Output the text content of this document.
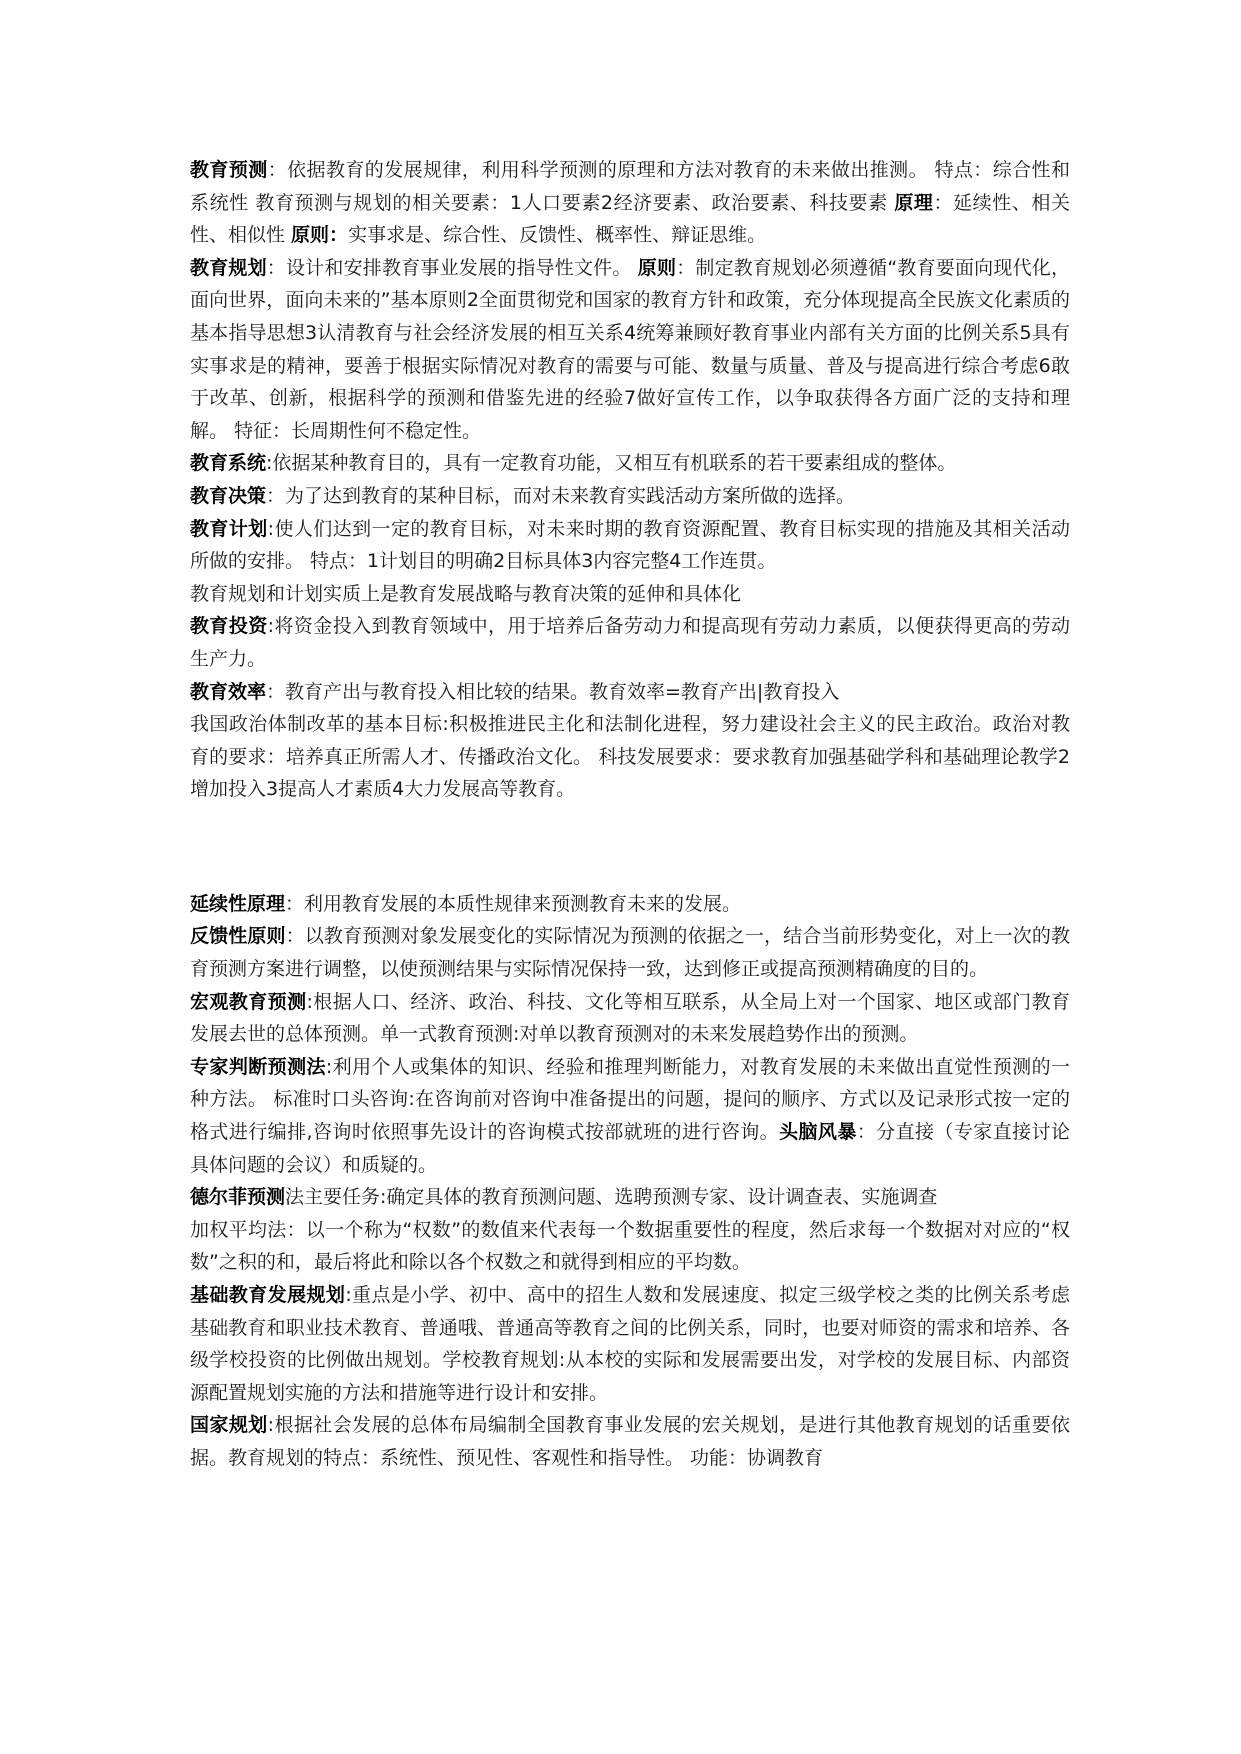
教育预测：依据教育的发展规律，利用科学预测的原理和方法对教育的未来做出推测。 特点：综合性和系统性 教育预测与规划的相关要素：1人口要素2经济要素、政治要素、科技要素 原理：延续性、相关性、相似性 原则：实事求是、综合性、反馈性、概率性、辩证思维。

教育规划：设计和安排教育事业发展的指导性文件。 原则：制定教育规划必须遵循“教育要面向现代化，面向世界，面向未来的”基本原则2全面贯彻党和国家的教育方针和政策，充分体现提高全民族文化素质的基本指导思想3认清教育与社会经济发展的相互关系4统筹兼顾好教育事业内部有关方面的比例关系5具有实事求是的精神，要善于根据实际情况对教育的需要与可能、数量与质量、普及与提高进行综合考虑6敢于改革、创新，根据科学的预测和借鉴先进的经验7做好宣传工作，以争取获得各方面广泛的支持和理解。 特征：长周期性何不稳定性。

教育系统:依据某种教育目的，具有一定教育功能，又相互有机联系的若干要素组成的整体。

教育决策：为了达到教育的某种目标，而对未来教育实践活动方案所做的选择。

教育计划:使人们达到一定的教育目标，对未来时期的教育资源配置、教育目标实现的措施及其相关活动所做的安排。 特点：1计划目的明确2目标具体3内容完整4工作连贯。

教育规划和计划实质上是教育发展战略与教育决策的延伸和具体化

教育投资:将资金投入到教育领域中，用于培养后备劳动力和提高现有劳动力素质，以便获得更高的劳动生产力。

教育效率：教育产出与教育投入相比较的结果。教育效率=教育产出|教育投入

我国政治体制改革的基本目标:积极推进民主化和法制化进程，努力建设社会主义的民主政治。政治对教育的要求：培养真正所需人才、传播政治文化。 科技发展要求：要求教育加强基础学科和基础理论教学2增加投入3提高人才素质4大力发展高等教育。

延续性原理：利用教育发展的本质性规律来预测教育未来的发展。

反馈性原则：以教育预测对象发展变化的实际情况为预测的依据之一，结合当前形势变化，对上一次的教育预测方案进行调整，以使预测结果与实际情况保持一致，达到修正或提高预测精确度的目的。

宏观教育预测:根据人口、经济、政治、科技、文化等相互联系，从全局上对一个国家、地区或部门教育发展去世的总体预测。单一式教育预测:对单以教育预测对的未来发展趋势作出的预测。

专家判断预测法:利用个人或集体的知识、经验和推理判断能力，对教育发展的未来做出直觉性预测的一种方法。 标准时口头咨询:在咨询前对咨询中准备提出的问题，提问的顺序、方式以及记录形式按一定的格式进行编排,咨询时依照事先设计的咨询模式按部就班的进行咨询。头脑风暴：分直接（专家直接讨论具体问题的会议）和质疑的。

德尔菲预测法主要任务:确定具体的教育预测问题、选聘预测专家、设计调查表、实施调查

加权平均法：以一个称为“权数”的数值来代表每一个数据重要性的程度，然后求每一个数据对对应的“权数”之积的和，最后将此和除以各个权数之和就得到相应的平均数。

基础教育发展规划:重点是小学、初中、高中的招生人数和发展速度、拟定三级学校之类的比例关系考虑基础教育和职业技术教育、普通哦、普通高等教育之间的比例关系，同时，也要对师资的需求和培养、各级学校投资的比例做出规划。学校教育规划:从本校的实际和发展需要出发，对学校的发展目标、内部资源配置规划实施的方法和措施等进行设计和安排。

国家规划:根据社会发展的总体布局编制全国教育事业发展的宏关规划，是进行其他教育规划的话重要依据。教育规划的特点：系统性、预见性、客观性和指导性。 功能：协调教育
